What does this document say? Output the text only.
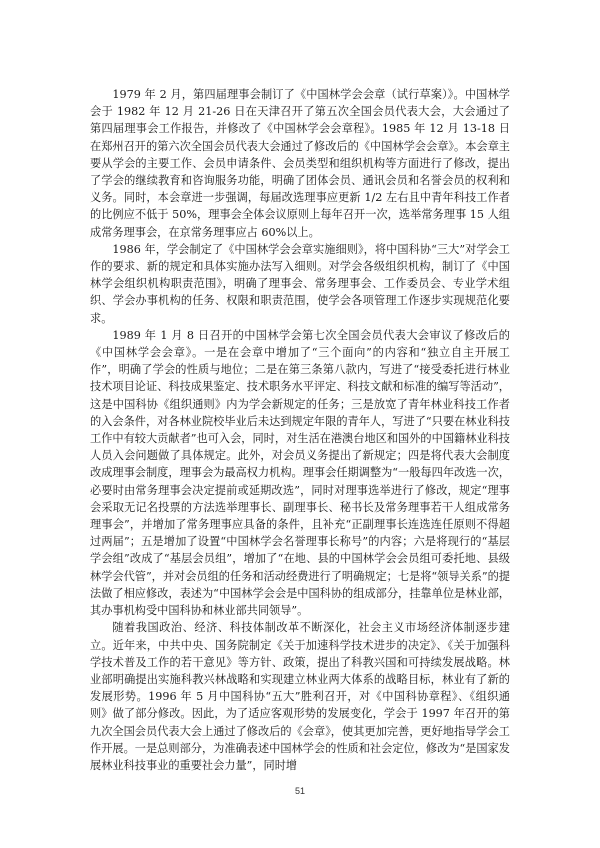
1979 年 2 月，第四届理事会制订了《中国林学会会章（试行草案）》。中国林学会于 1982 年 12 月 21-26 日在天津召开了第五次全国会员代表大会，大会通过了第四届理事会工作报告，并修改了《中国林学会会章程》。1985 年 12 月 13-18 日在郑州召开的第六次全国会员代表大会通过了修改后的《中国林学会会章》。本会章主要从学会的主要工作、会员申请条件、会员类型和组织机构等方面进行了修改，提出了学会的继续教育和咨询服务功能，明确了团体会员、通讯会员和名誉会员的权利和义务。同时，本会章进一步强调，每届改选理事应更新 1/2 左右且中青年科技工作者的比例应不低于 50%，理事会全体会议原则上每年召开一次，选举常务理事 15 人组成常务理事会，在京常务理事应占 60%以上。

1986 年，学会制定了《中国林学会会章实施细则》，将中国科协“三大”对学会工作的要求、新的规定和具体实施办法写入细则。对学会各级组织机构，制订了《中国林学会组织机构职责范围》，明确了理事会、常务理事会、工作委员会、专业学术组织、学会办事机构的任务、权限和职责范围，使学会各项管理工作逐步实现规范化要求。

1989 年 1 月 8 日召开的中国林学会第七次全国会员代表大会审议了修改后的《中国林学会会章》。一是在会章中增加了“三个面向”的内容和“独立自主开展工作”，明确了学会的性质与地位；二是在第三条第八款内，写进了“接受委托进行林业技术项目论证、科技成果鉴定、技术职务水平评定、科技文献和标准的编写等活动”，这是中国科协《组织通则》内为学会新规定的任务；三是放宽了青年林业科技工作者的入会条件，对各林业院校毕业后未达到规定年限的青年人，写进了“只要在林业科技工作中有较大贡献者”也可入会，同时，对生活在港澳台地区和国外的中国籍林业科技人员入会问题做了具体规定。此外，对会员义务提出了新规定；四是将代表大会制度改成理事会制度，理事会为最高权力机构。理事会任期调整为“一般每四年改选一次，必要时由常务理事会决定提前或延期改选”，同时对理事选举进行了修改，规定“理事会采取无记名投票的方法选举理事长、副理事长、秘书长及常务理事若干人组成常务理事会”，并增加了常务理事应具备的条件，且补充“正副理事长连选连任原则不得超过两届”；五是增加了设置“中国林学会名誉理事长称号”的内容；六是将现行的“基层学会组”改成了“基层会员组”，增加了“在地、县的中国林学会会员组可委托地、县级林学会代管”，并对会员组的任务和活动经费进行了明确规定；七是将“领导关系”的提法做了相应修改，表述为“中国林学会会是中国科协的组成部分，挂靠单位是林业部，其办事机构受中国科协和林业部共同领导”。

随着我国政治、经济、科技体制改革不断深化，社会主义市场经济体制逐步建立。近年来，中共中央、国务院制定《关于加速科学技术进步的决定》、《关于加强科学技术普及工作的若干意见》等方针、政策，提出了科教兴国和可持续发展战略。林业部明确提出实施科教兴林战略和实现建立林业两大体系的战略目标，林业有了新的发展形势。1996 年 5 月中国科协“五大”胜利召开，对《中国科协章程》、《组织通则》做了部分修改。因此，为了适应客观形势的发展变化，学会于 1997 年召开的第九次全国会员代表大会上通过了修改后的《会章》，使其更加完善，更好地指导学会工作开展。一是总则部分，为准确表述中国林学会的性质和社会定位，修改为“是国家发展林业科技事业的重要社会力量”，同时增

51
